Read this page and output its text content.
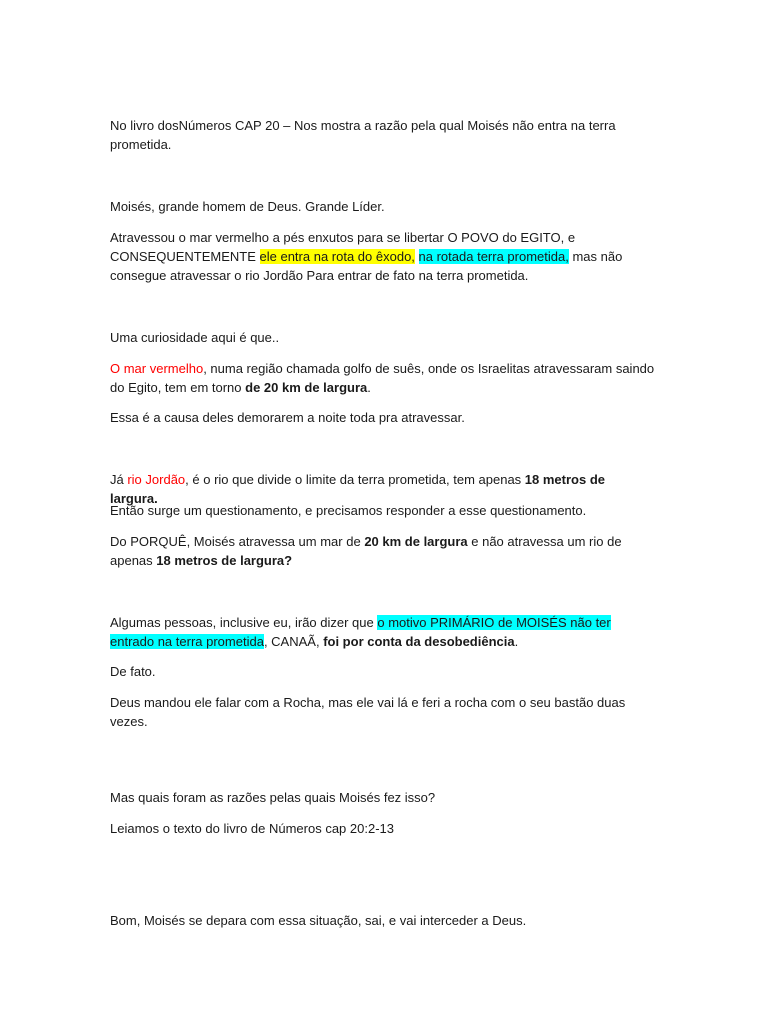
No livro dosNúmeros CAP 20 – Nos mostra a razão pela qual Moisés não entra na terra prometida.

Moisés, grande homem de Deus. Grande Líder.

Atravessou o mar vermelho a pés enxutos para se libertar O POVO do EGITO, e CONSEQUENTEMENTE ele entra na rota do êxodo, na rotada terra prometida, mas não consegue atravessar o rio Jordão Para entrar de fato na terra prometida.

Uma curiosidade aqui é que..

O mar vermelho, numa região chamada golfo de suês, onde os Israelitas atravessaram saindo do Egito, tem em torno de 20 km de largura.

Essa é a causa deles demorarem a noite toda pra atravessar.

Já rio Jordão, é o rio que divide o limite da terra prometida, tem apenas 18 metros de largura.

Então surge um questionamento, e precisamos responder a esse questionamento.

Do PORQUÊ, Moisés atravessa um mar de 20 km de largura e não atravessa um rio de apenas 18 metros de largura?

Algumas pessoas, inclusive eu, irão dizer que o motivo PRIMÁRIO de MOISÉS não ter entrado na terra prometida, CANAÃ, foi por conta da desobediência.

De fato.

Deus mandou ele falar com a Rocha, mas ele vai lá e feri a rocha com o seu bastão duas vezes.

Mas quais foram as razões pelas quais Moisés fez isso?

Leiamos o texto do livro de Números cap 20:2-13

Bom, Moisés se depara com essa situação, sai, e vai interceder a Deus.
